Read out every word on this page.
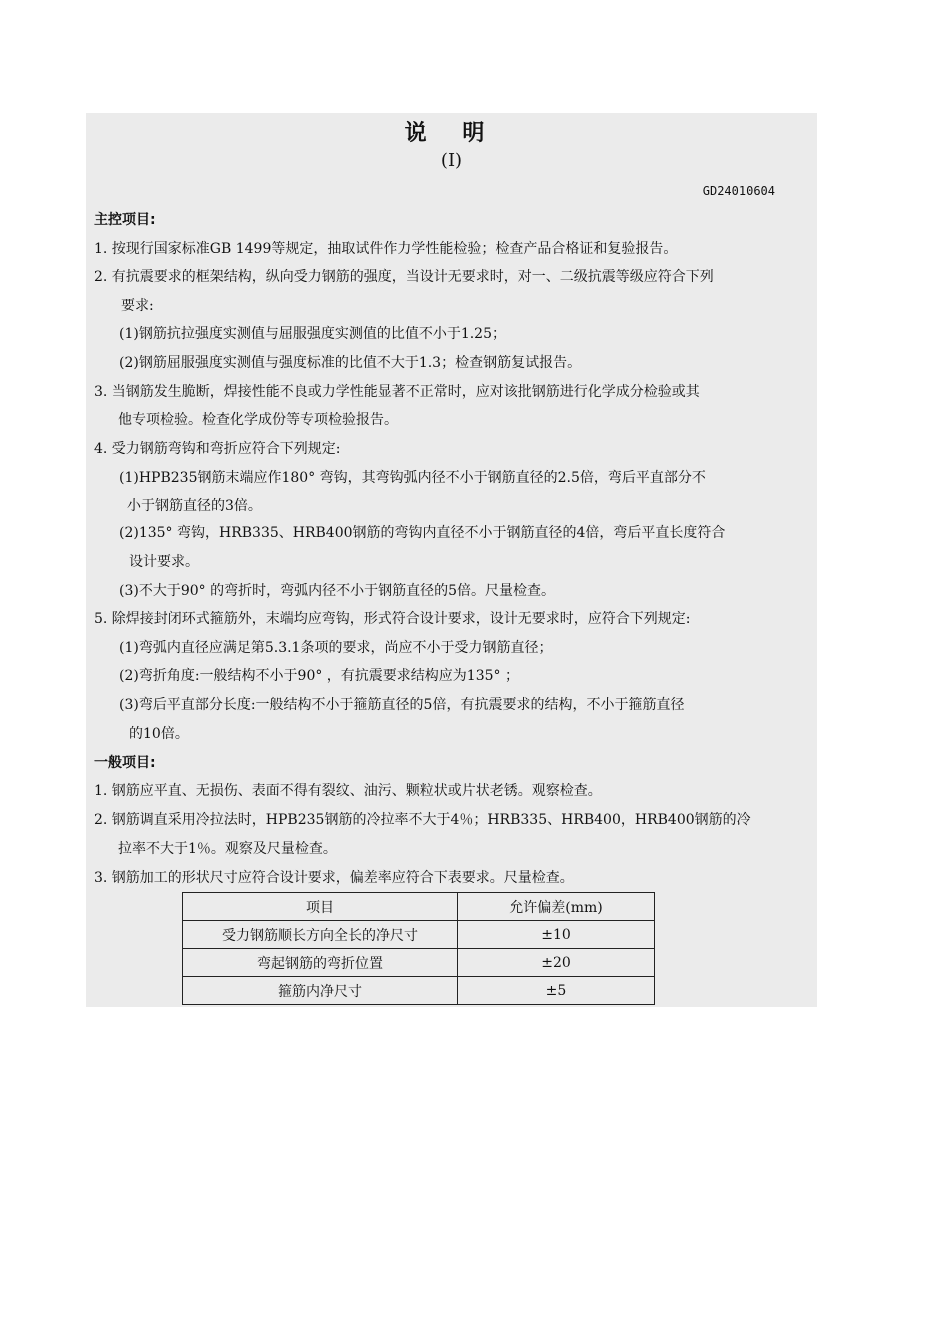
说 明
(Ⅰ)
GD24010604
主控项目:
1. 按现行国家标准GB 1499等规定，抽取试件作力学性能检验；检查产品合格证和复验报告。
2. 有抗震要求的框架结构，纵向受力钢筋的强度，当设计无要求时，对一、二级抗震等级应符合下列
要求:
(1)钢筋抗拉强度实测值与屈服强度实测值的比值不小于1.25；
(2)钢筋屈服强度实测值与强度标准的比值不大于1.3；检查钢筋复试报告。
3. 当钢筋发生脆断，焊接性能不良或力学性能显著不正常时，应对该批钢筋进行化学成分检验或其
他专项检验。检查化学成份等专项检验报告。
4. 受力钢筋弯钩和弯折应符合下列规定:
(1)HPB235钢筋末端应作180° 弯钩，其弯钩弧内径不小于钢筋直径的2.5倍，弯后平直部分不
小于钢筋直径的3倍。
(2)135° 弯钩，HRB335、HRB400钢筋的弯钩内直径不小于钢筋直径的4倍，弯后平直长度符合
设计要求。
(3)不大于90° 的弯折时，弯弧内径不小于钢筋直径的5倍。尺量检查。
5. 除焊接封闭环式箍筋外，末端均应弯钩，形式符合设计要求，设计无要求时，应符合下列规定:
(1)弯弧内直径应满足第5.3.1条项的要求，尚应不小于受力钢筋直径；
(2)弯折角度:一般结构不小于90° ，有抗震要求结构应为135° ；
(3)弯后平直部分长度:一般结构不小于箍筋直径的5倍，有抗震要求的结构，不小于箍筋直径
的10倍。
一般项目:
1. 钢筋应平直、无损伤、表面不得有裂纹、油污、颗粒状或片状老锈。观察检查。
2. 钢筋调直采用冷拉法时，HPB235钢筋的冷拉率不大于4％；HRB335、HRB400，HRB400钢筋的冷
拉率不大于1％。观察及尺量检查。
3. 钢筋加工的形状尺寸应符合设计要求，偏差率应符合下表要求。尺量检查。
项目	允许偏差(mm)
受力钢筋顺长方向全长的净尺寸	±10
弯起钢筋的弯折位置	±20
箍筋内净尺寸	±5
